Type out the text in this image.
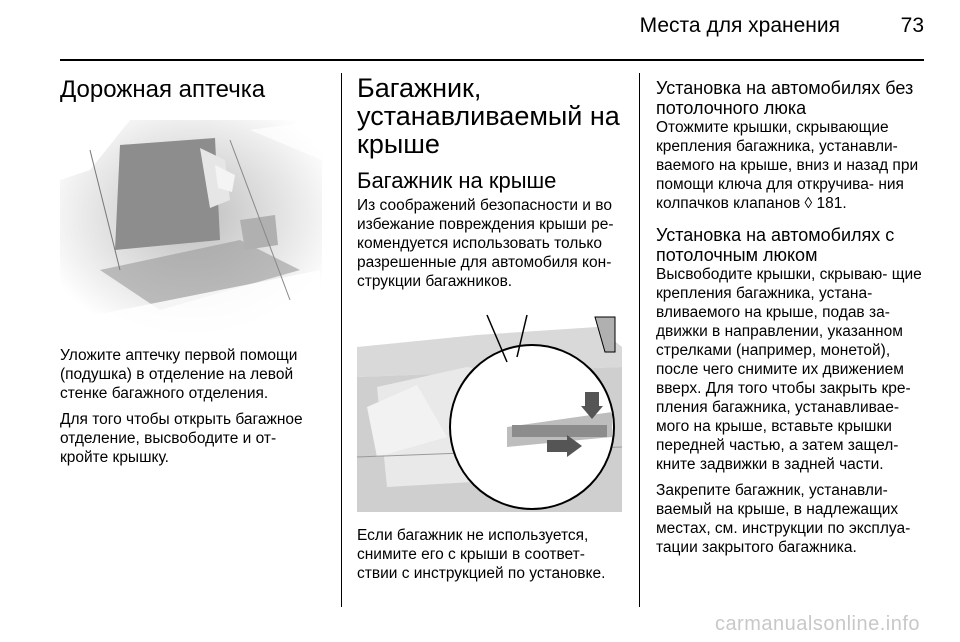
Места для хранения	73
Дорожная аптечка

Уложите аптечку первой помощи (подушка) в отделение на левой стенке багажного отделения.

Для того чтобы открыть багажное отделение, высвободите и от- кройте крышку.

Багажник, устанавливаемый на крыше
Багажник на крыше

Из соображений безопасности и во избежание повреждения крыши ре- комендуется использовать только разрешенные для автомобиля кон- струкции багажников.

Если багажник не используется, снимите его с крыши в соответ- ствии с инструкцией по установке.

Установка на автомобилях без потолочного люка

Отожмите крышки, скрывающие крепления багажника, устанавли- ваемого на крыше, вниз и назад при помощи ключа для откручива- ния колпачков клапанов ◊ 181.

Установка на автомобилях с потолочным люком

Высвободите крышки, скрываю- щие крепления багажника, устана- вливаемого на крыше, подав за- движки в направлении, указанном стрелками (например, монетой), после чего снимите их движением вверх. Для того чтобы закрыть кре- пления багажника, устанавливае- мого на крыше, вставьте крышки передней частью, а затем защел- кните задвижки в задней части.

Закрепите багажник, устанавли- ваемый на крыше, в надлежащих местах, см. инструкции по эксплуа- тации закрытого багажника.

carmanualsonline.info
